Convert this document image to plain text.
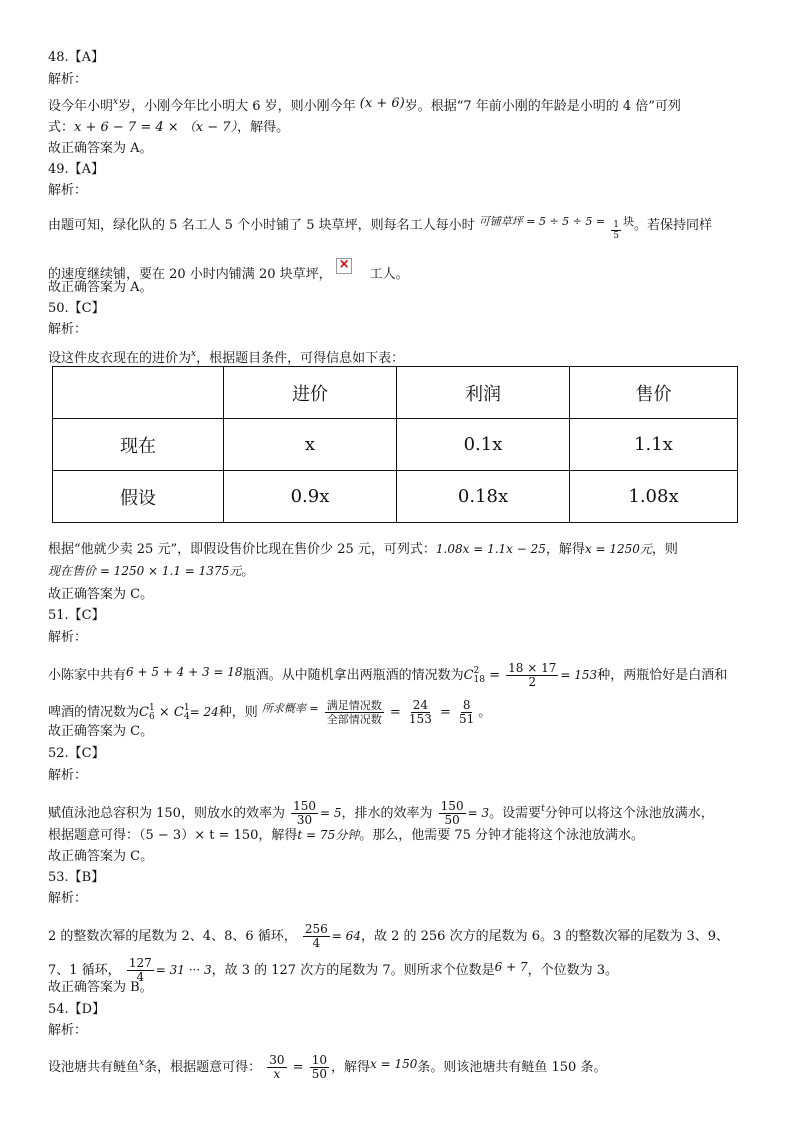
48.【A】
解析：
设今年小明$^x$岁，小刚今年比小明大 6 岁，则小刚今年 (x + 6)岁。根据“7 年前小刚的年龄是小明的 4 倍”可列
式：x + 6 − 7 = 4 × （x − 7），解得。
故正确答案为 A。
49.【A】
解析：
由题可知，绿化队的 5 名工人 5 个小时铺了 5 块草坪，则每名工人每小时 $^{可铺草坪 = 5 \div 5 \div 5 =} \frac{1}{5} ^块$。若保持同样
的速度继续铺，要在 20 小时内铺满 20 块草坪，×	工人。
故正确答案为 A。
50.【C】
解析：
设这件皮衣现在的进价为$^x$，根据题目条件，可得信息如下表：
	进价	利润	售价
现在	x	0.1x	1.1x
假设	0.9x	0.18x	1.08x
根据“他就少卖 25 元”，即假设售价比现在售价少 25 元，可列式：1.08x = 1.1x − 25，解得x = 1250元，则
现在售价 = 1250 × 1.1 = 1375元。
故正确答案为 C。
51.【C】
解析：
小陈家中共有6 + 5 + 4 + 3 = 18瓶酒。从中随机拿出两瓶酒的情况数为C 2
$18 = \frac{18 \times 17}{2} = 153$种，两瓶恰好是白酒和
啤酒的情况数为C 1
6 × C 1
4 = 24种，则 $^{所求概率 =}$ 满足情况数
全部情况数 = $\frac{24}{153} = \frac{8}{51}$ 。
故正确答案为 C。
52.【C】
解析：
赋值泳池总容积为 150，则放水的效率为 $\frac{150}{30} = 5$，排水的效率为 $\frac{150}{50} = 3$。设需要$^t$分钟可以将这个泳池放满水，
根据题意可得：（5 − 3）× t = 150，解得t = 75分钟。那么，他需要 75 分钟才能将这个泳池放满水。
故正确答案为 C。
53.【B】
解析：
2 的整数次幂的尾数为 2、4、8、6 循环， $\frac{256}{4} = 64$，故 2 的 256 次方的尾数为 6。3 的整数次幂的尾数为 3、9、
7、1 循环， $\frac{127}{4} = 31$ ··· 3，故 3 的 127 次方的尾数为 7。则所求个位数是6 + 7，个位数为 3。
故正确答案为 B。
54.【D】
解析：
设池塘共有鲢鱼$^x$条，根据题意可得： $\frac{30}{x} = \frac{10}{50}$ ，解得x = 150条。则该池塘共有鲢鱼 150 条。
